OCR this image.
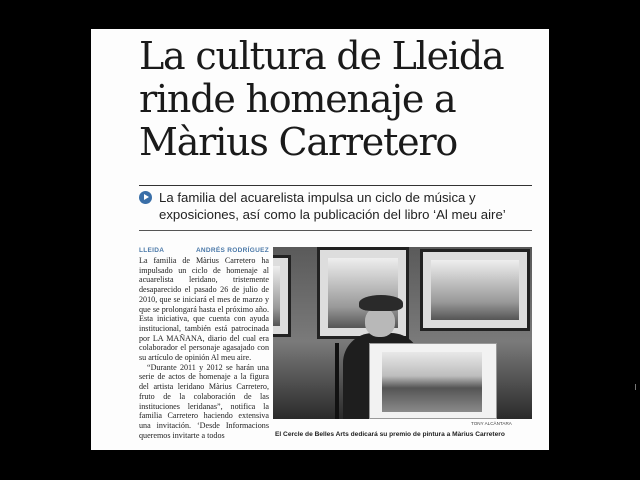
La cultura de Lleida
rinde homenaje a
Màrius Carretero

La familia del acuarelista impulsa un ciclo de música y exposiciones, así como la publicación del libro ‘Al meu aire’

LLEIDA	ANDRÉS RODRÍGUEZ

La familia de Màrius Carretero ha impulsado un ciclo de homenaje al acuarelista leridano, tristemente desaparecido el pasado 26 de julio de 2010, que se iniciará el mes de marzo y que se prolongará hasta el próximo año. Esta iniciativa, que cuenta con ayuda institucional, también está patrocinada por LA MAÑANA, diario del cual era colaborador el personaje agasajado con su artículo de opinión Al meu aire.

“Durante 2011 y 2012 se harán una serie de actos de homenaje a la figura del artista leridano Màrius Carretero, fruto de la colaboración de las instituciones leridanas”, notifica la familia Carretero haciendo extensiva una invitación. ‘Desde Informacions queremos invitarte a todos

TONY ALCÀNTARA
El Cercle de Belles Arts dedicará su premio de pintura a Màrius Carretero
